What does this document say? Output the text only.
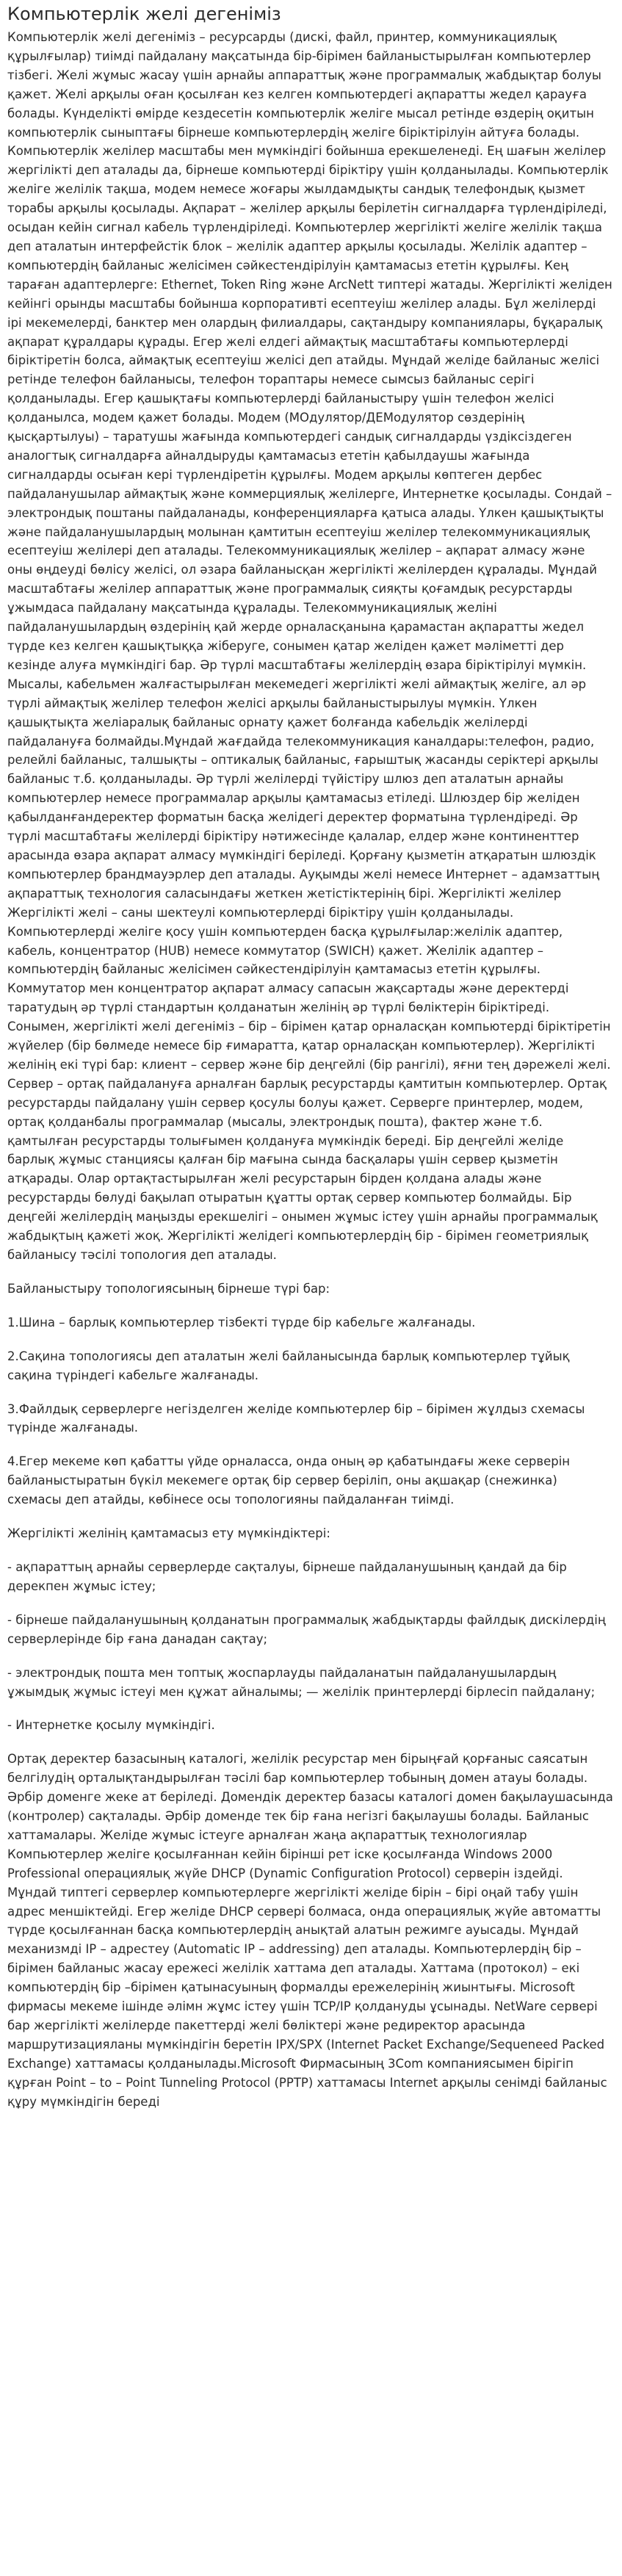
Компьютерлік желі дегеніміз

Компьютерлік желі дегеніміз – ресурсарды (дискі, файл, принтер, коммуникациялық құрылғылар) тиімді пайдалану мақсатында бір-бірімен байланыстырылған компьютерлер тізбегі. Желі жұмыс жасау үшін арнайы аппараттық және программалық жабдықтар болуы қажет. Желі арқылы оған қосылған кез келген компьютердегі ақпаратты жедел қарауға болады. Күнделікті өмірде кездесетін компьютерлік желіге мысал ретінде өздерің оқитын компьютерлік сыныптағы бірнеше компьютерлердің желіге біріктірілуін айтуға болады. Компьютерлік желілер масштабы мен мүмкіндігі бойынша ерекшеленеді. Ең шағын желілер жергілікті деп аталады да, бірнеше компьютерді біріктіру үшін қолданылады. Компьютерлік желіге желілік тақша, модем немесе жоғары жылдамдықты сандық телефондық қызмет торабы арқылы қосылады. Ақпарат – желілер арқылы берілетін сигналдарға түрлендіріледі, осыдан кейін сигнал кабель түрлендіріледі. Компьютерлер жергілікті желіге желілік тақша деп аталатын интерфейстік блок – желілік адаптер арқылы қосылады. Желілік адаптер – компьютердің байланыс желісімен сәйкестендірілуін қамтамасыз ететін құрылғы. Кең тараған адаптерлерге: Ethernet, Token Ring және ArcNett типтері жатады. Жергілікті желіден кейінгі орынды масштабы бойынша корпоративті есептеуіш желілер алады. Бұл желілерді ірі мекемелерді, банктер мен олардың филиалдары, сақтандыру компаниялары, бұқаралық ақпарат құралдары құрады. Егер желі елдегі аймақтық масштабтағы компьютерлерді біріктіретін болса, аймақтық есептеуіш желісі деп атайды. Мұндай желіде байланыс желісі ретінде телефон байланысы, телефон торaптары немесе сымсыз байланыс серігі қолданылады. Егер қашықтағы компьютерлерді байланыстыру үшін телефон желісі қолданылса, модем қажет болады. Модем (МОдулятор/ДЕМодулятор сөздерінің қысқартылуы) – таратушы жағында компьютердегі сандық сигналдарды үздіксіздеген аналогтық сигналдарға айналдыруды қамтамасыз ететін қабылдаушы жағында сигналдарды осыған кері түрлендіретін құрылғы. Модем арқылы көптеген дербес пайдаланушылар аймақтық және коммерциялық желілерге, Интернетке қосылады. Сондай – электрондық поштаны пайдаланады, конференцияларға қатыса алады. Үлкен қашықтықты және пайдаланушылардың молынан қамтитын есептеуіш желілер телекоммуникациялық есептеуіш желілері деп аталады. Телекоммуникациялық желілер – ақпарат алмасу және оны өңдеуді бөлісу желісі, ол әзара байланысқан жергілікті желілерден құралады. Мұндай масштабтағы желілер аппараттық және программалық сияқты қоғамдық ресурстарды ұжымдаса пайдалану мақсатында құралады. Телекоммуникациялық желіні пайдаланушылардың өздерінің қай жерде орналасқанына қарамастан ақпаратты жедел түрде кез келген қашықтыққа жіберуге, сонымен қатар желіден қажет мәліметті дер кезінде алуға мүмкіндігі бар. Әр түрлі масштабтағы желілердің өзара біріктірілуі мүмкін. Мысалы, кабельмен жалғастырылған мекемедегі жергілікті желі аймақтық желіге, ал әр түрлі аймақтық желілер телефон желісі арқылы байланыстырылуы мүмкін. Үлкен қашықтықта желіаралық байланыс орнату қажет болғанда кабельдік желілерді пайдалануға болмайды.Мұндай жағдайда телекоммуникация каналдары:телефон, радио, релейлі байланыс, талшықты – оптикалық байланыс, ғарыштық жасанды серіктері арқылы байланыс т.б. қолданылады. Әр түрлі желілерді түйістіру шлюз деп аталатын арнайы компьютерлер немесе программалар арқылы қамтамасыз етіледі. Шлюздер бір желіден қабылданғандеректер форматын басқа желідегі деректер форматына түрлендіреді. Әр түрлі масштабтағы желілерді біріктіру нәтижесінде қалалар, елдер және континенттер арасында өзара ақпарат алмасу мүмкіндігі беріледі. Қорғану қызметін атқаратын шлюздік компьютерлер брандмауэрлер деп аталады. Ауқымды желі немесе Интернет – адамзаттың ақпараттық технология саласындағы жеткен жетістіктерінің бірі. Жергілікті желілер Жергілікті желі – саны шектеулі компьютерлерді біріктіру үшін қолданылады. Компьютерлерді желіге қосу үшін компьютерден басқа құрылғылар:желілік адаптер, кабель, концентратор (HUB) немесе коммутатор (SWICH) қажет. Желілік адаптер – компьютердің байланыс желісімен сәйкестендірілуін қамтамасыз ететін құрылғы. Коммутатор мен концентратор ақпарат алмасу сапасын жақсартады және деректерді таратудың әр түрлі стандартын қолданатын желінің әр түрлі бөліктерін біріктіреді. Сонымен, жергілікті желі дегеніміз – бір – бірімен қатар орналасқан компьютерді біріктіретін жүйелер (бір бөлмеде немесе бір ғимаратта, қатар орналасқан компьютерлер). Жергілікті желінің екі түрі бар: клиент – сервер және бір деңгейлі (бір рангілі), яғни тең дәрежелі желі. Сервер – ортақ пайдалануға арналған барлық ресурстарды қамтитын компьютерлер. Ортақ ресурстарды пайдалану үшін сервер қосулы болуы қажет. Серверге принтерлер, модем, ортақ қолданбалы программалар (мысалы, электрондық пошта), фактер және т.б. қамтылған ресурстарды толығымен қолдануға мүмкіндік береді. Бір деңгейлі желіде барлық жұмыс станциясы қалған бір мағына сында басқалары үшін сервер қызметін атқарады. Олар ортақтастырылған желі ресурстарын бірден қолдана алады және ресурстарды бөлуді бақылап отыратын құатты ортақ сервер компьютер болмайды. Бір деңгейі желілердің маңызды ерекшелігі – онымен жұмыс істеу үшін арнайы программалық жабдықтың қажеті жоқ. Жергілікті желідегі компьютерлердің бір - бірімен геометриялық байланысу тәсілі топология деп аталады.

Байланыстыру топологиясының бірнеше түрі бар:

1.Шина – барлық компьютерлер тізбекті түрде бір кабельге жалғанады.

2.Сақина топологиясы деп аталатын желі байланысында барлық компьютерлер тұйық сақина түріндегі кабельге жалғанады.

3.Файлдық серверлерге негізделген желіде компьютерлер бір – бірімен жұлдыз схемасы түрінде жалғанады.

4.Егер мекеме көп қабатты үйде орналасса, онда оның әр қабатындағы жеке серверін байланыстыратын бүкіл мекемеге ортақ бір сервер беріліп, оны ақшақар (снежинка) схемасы деп атайды, көбінесе осы топологияны пайдаланған тиімді.

Жергілікті желінің қамтамасыз ету мүмкіндіктері:

- ақпараттың арнайы серверлерде сақталуы, бірнеше пайдаланушының қандай да бір дерекпен жұмыс істеу;

- бірнеше пайдаланушының қолданатын программалық жабдықтарды файлдық дискілердің серверлерінде бір ғана данадан сақтау;

- электрондық пошта мен топтық жоспарлауды пайдаланатын пайдаланушылардың ұжымдық жұмыс істеуі мен құжат айналымы; — желілік принтерлерді бірлесіп пайдалану;

- Интернетке қосылу мүмкіндігі.

Ортақ деректер базасының каталогі, желілік ресурстар мен бірыңғай қорғаныс саясатын белгілудің орталықтандырылған тәсілі бар компьютерлер тобының домен атауы болады. Әрбір доменге жеке ат беріледі. Домендік деректер базасы каталогі домен бақылаушасында (контролер) сақталады. Әрбір доменде тек бір ғана негізгі бақылаушы болады. Байланыс хаттамалары. Желіде жұмыс істеуге арналған жаңа ақпараттық технологиялар Компьютерлер желіге қосылғаннан кейін бірінші рет іске қосылғанда Windows 2000 Professional операциялық жүйе DHCP (Dynamic Configuration Protocol) серверін іздейді. Мұндай типтегі серверлер компьютерлерге жергілікті желіде бірін – бірі оңай табу үшін адрес меншіктейді. Егер желіде DHCP сервері болмаса, онда операциялық жүйе автоматты түрде қосылғаннан басқа компьютерлердің анықтай алатын режимге ауысады. Мұндай механизмді IP – адрестеу (Automatic IP – addressing) деп аталады. Компьютерлердің бір – бірімен байланыс жасау ережесі желілік хаттама деп аталады. Хаттама (протокол) – екі компьютердің бір –бірімен қатынасуының формалды ережелерінің жиынтығы. Microsoft фирмасы мекеме ішінде әлімн жұмс істеу үшін TCP/IP қолдануды ұсынады. NetWare сервері бар жергілікті желілерде пакеттерді желі бөліктері және редиректор арасында маршрутизацияланы мүмкіндігін беретін IPX/SPX (Internet Packet Exchange/Sequeneed Packed Exchange) хаттамасы қолданылады.Microsoft Фирмасының 3Com компаниясымен бірігіп құрған Point – to – Point Tunneling Protocol (PPTP) хаттамасы Internet арқылы сенімді байланыс құру мүмкіндігін береді
